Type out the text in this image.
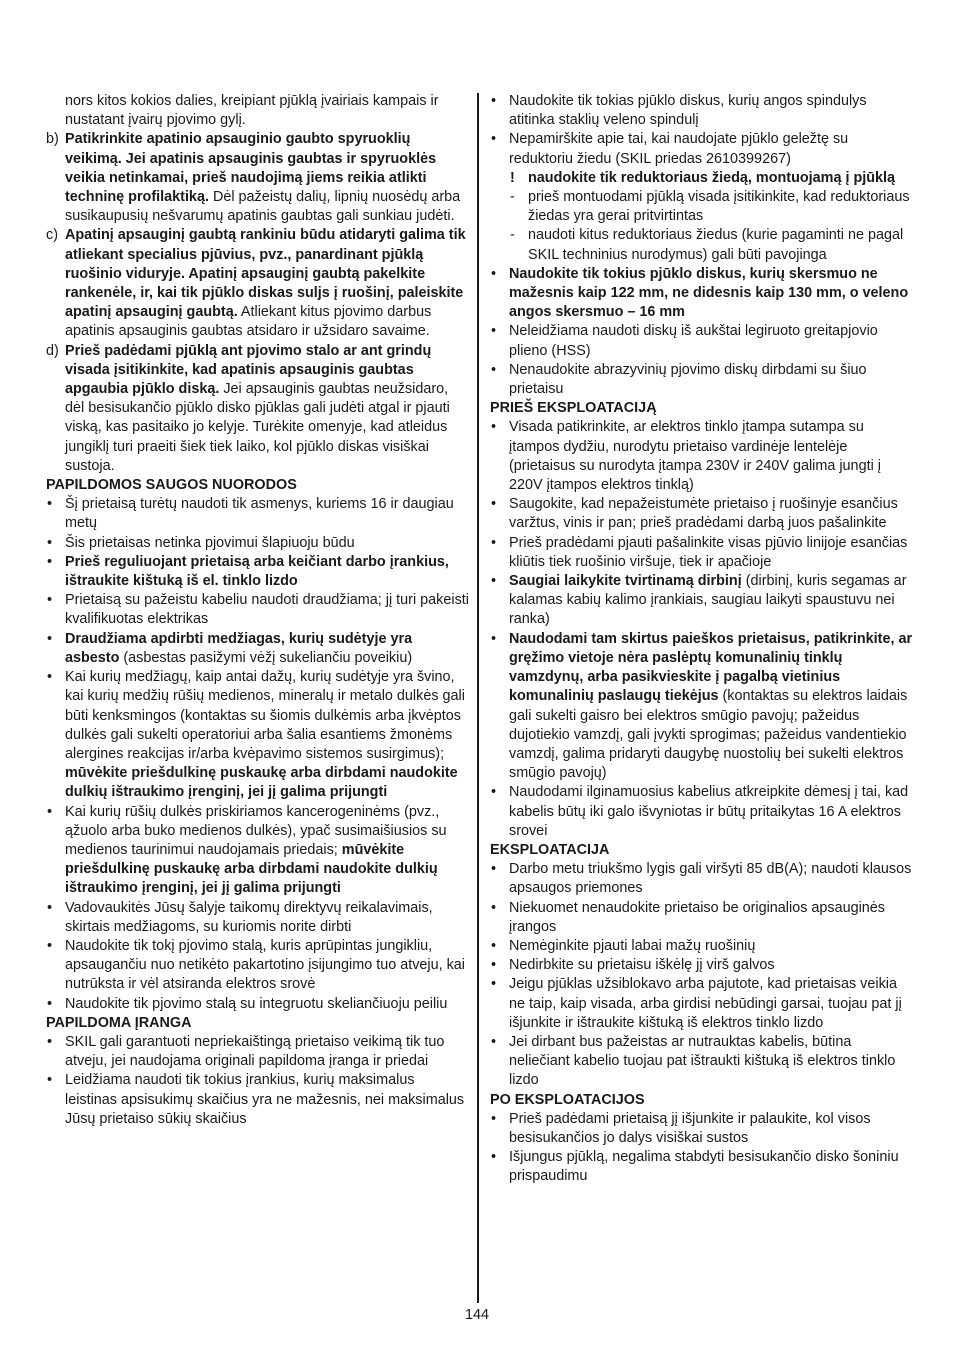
nors kitos kokios dalies, kreipiant pjūklą įvairiais kampais ir nustatant įvairų pjovimo gylį.
b) Patikrinkite apatinio apsauginio gaubto spyruoklių veikimą. Jei apatinis apsauginis gaubtas ir spyruoklės veikia netinkamai, prieš naudojimą jiems reikia atlikti techninę profilaktiką. Dėl pažeistų dalių, lipnių nuosėdų arba susikaupusių nešvarumų apatinis gaubtas gali sunkiau judėti.
c) Apatinį apsauginį gaubtą rankiniu būdu atidaryti galima tik atliekant specialius pjūvius, pvz., panardinant pjūklą ruošinio viduryje. Apatinį apsauginį gaubtą pakelkite rankenėle, ir, kai tik pjūklo diskas suljs į ruošinį, paleiskite apatinį apsauginį gaubtą. Atliekant kitus pjovimo darbus apatinis apsauginis gaubtas atsidaro ir užsidaro savaime.
d) Prieš padėdami pjūklą ant pjovimo stalo ar ant grindų visada įsitikinkite, kad apatinis apsauginis gaubtas apgaubia pjūklo diską. Jei apsauginis gaubtas neužsidaro, dėl besisukančio pjūklo disko pjūklas gali judėti atgal ir pjauti viską, kas pasitaiko jo kelyje. Turėkite omenyje, kad atleidus jungiklį turi praeiti šiek tiek laiko, kol pjūklo diskas visiškai sustoja.
PAPILDOMOS SAUGOS NUORODOS
• Šį prietaisą turėtų naudoti tik asmenys, kuriems 16 ir daugiau metų
• Šis prietaisas netinka pjovimui šlapiuoju būdu
• Prieš reguliuojant prietaisą arba keičiant darbo įrankius, ištraukite kištuką iš el. tinklo lizdo
• Prietaisą su pažeistu kabeliu naudoti draudžiama; jį turi pakeisti kvalifikuotas elektrikas
• Draudžiama apdirbti medžiagas, kurių sudėtyje yra asbesto (asbestas pasižymi vėžį sukeliančiu poveikiu)
• Kai kurių medžiagų, kaip antai dažų, kurių sudėtyje yra švino, kai kurių medžių rūšių medienos, mineralų ir metalo dulkės gali būti kenksmingos (kontaktas su šiomis dulkėmis arba įkvėptos dulkės gali sukelti operatoriui arba šalia esantiems žmonėms alergines reakcijas ir/arba kvėpavimo sistemos susirgimus); mūvėkite priešdulkinę puskaukę arba dirbdami naudokite dulkių ištraukimo įrenginį, jei jį galima prijungti
• Kai kurių rūšių dulkės priskiriamos kancerogeninėms (pvz., ąžuolo arba buko medienos dulkės), ypač susimaišiusios su medienos taurinimui naudojamais priedais; mūvėkite priešdulkinę puskaukę arba dirbdami naudokite dulkių ištraukimo įrenginį, jei jį galima prijungti
• Vadovaukitės Jūsų šalyje taikomų direktyvų reikalavimais, skirtais medžiagoms, su kuriomis norite dirbti
• Naudokite tik tokį pjovimo stalą, kuris aprūpintas jungikliu, apsaugančiu nuo netikėto pakartotino įsijungimo tuo atveju, kai nutrūksta ir vėl atsiranda elektros srovė
• Naudokite tik pjovimo stalą su integruotu skeliančiuoju peiliu
PAPILDOMA ĮRANGA
• SKIL gali garantuoti nepriekaištingą prietaiso veikimą tik tuo atveju, jei naudojama originali papildoma įranga ir priedai
• Leidžiama naudoti tik tokius įrankius, kurių maksimalus leistinas apsisukimų skaičius yra ne mažesnis, nei maksimalus Jūsų prietaiso sūkių skaičius
• Naudokite tik tokias pjūklo diskus, kurių angos spindulys atitinka staklių veleno spindulį
• Nepamirškite apie tai, kai naudojate pjūklo geležtę su reduktoriu žiedu (SKIL priedas 2610399267)
! naudokite tik reduktoriaus žiedą, montuojamą į pjūklą
- prieš montuodami pjūklą visada įsitikinkite, kad reduktoriaus žiedas yra gerai pritvirtintas
- naudoti kitus reduktoriaus žiedus (kurie pagaminti ne pagal SKIL techninius nurodymus) gali būti pavojinga
• Naudokite tik tokius pjūklo diskus, kurių skersmuo ne mažesnis kaip 122 mm, ne didesnis kaip 130 mm, o veleno angos skersmuo – 16 mm
• Neleidžiama naudoti diskų iš aukštai legiruoto greitapjovio plieno (HSS)
• Nenaudokite abrazyvinių pjovimo diskų dirbdami su šiuo prietaisu
PRIEŠ EKSPLOATACIJĄ
• Visada patikrinkite, ar elektros tinklo įtampa sutampa su įtampos dydžiu, nurodytu prietaiso vardinėje lentelėje (prietaisus su nurodyta įtampa 230V ir 240V galima jungti į 220V įtampos elektros tinklą)
• Saugokite, kad nepažeistumėte prietaiso į ruošinyje esančius varžtus, vinis ir pan; prieš pradėdami darbą juos pašalinkite
• Prieš pradėdami pjauti pašalinkite visas pjūvio linijoje esančias kliūtis tiek ruošinio viršuje, tiek ir apačioje
• Saugiai laikykite tvirtinamą dirbinį (dirbinį, kuris segamas ar kalamas kabių kalimo įrankiais, saugiau laikyti spaustuvu nei ranka)
• Naudodami tam skirtus paieškos prietaisus, patikrinkite, ar gręžimo vietoje nėra paslėptų komunalinių tinklų vamzdynų, arba pasikvieskite į pagalbą vietinius komunalinių paslaugų tiekėjus (kontaktas su elektros laidais gali sukelti gaisro bei elektros smūgio pavojų; pažeidus dujotiekio vamzdį, gali įvykti sprogimas; pažeidus vandentiekio vamzdį, galima pridaryti daugybę nuostolių bei sukelti elektros smūgio pavojų)
• Naudodami ilginamuosius kabelius atkreipkite dėmesį į tai, kad kabelis būtų iki galo išvyniotas ir būtų pritaikytas 16 A elektros srovei
EKSPLOATACIJA
• Darbo metu triukšmo lygis gali viršyti 85 dB(A); naudoti klausos apsaugos priemones
• Niekuomet nenaudokite prietaiso be originalios apsauginės įrangos
• Nemėginkite pjauti labai mažų ruošinių
• Nedirbkite su prietaisu iškėlę jį virš galvos
• Jeigu pjūklas užsiblokavo arba pajutote, kad prietaisas veikia ne taip, kaip visada, arba girdisi nebūdingi garsai, tuojau pat jį išjunkite ir ištraukite kištuką iš elektros tinklo lizdo
• Jei dirbant bus pažeistas ar nutrauktas kabelis, būtina neliečiant kabelio tuojau pat ištraukti kištuką iš elektros tinklo lizdo
PO EKSPLOATACIJOS
• Prieš padėdami prietaisą jį išjunkite ir palaukite, kol visos besisukančios jo dalys visiškai sustos
• Išjungus pjūklą, negalima stabdyti besisukančio disko šoniniu prispaudimu
144
